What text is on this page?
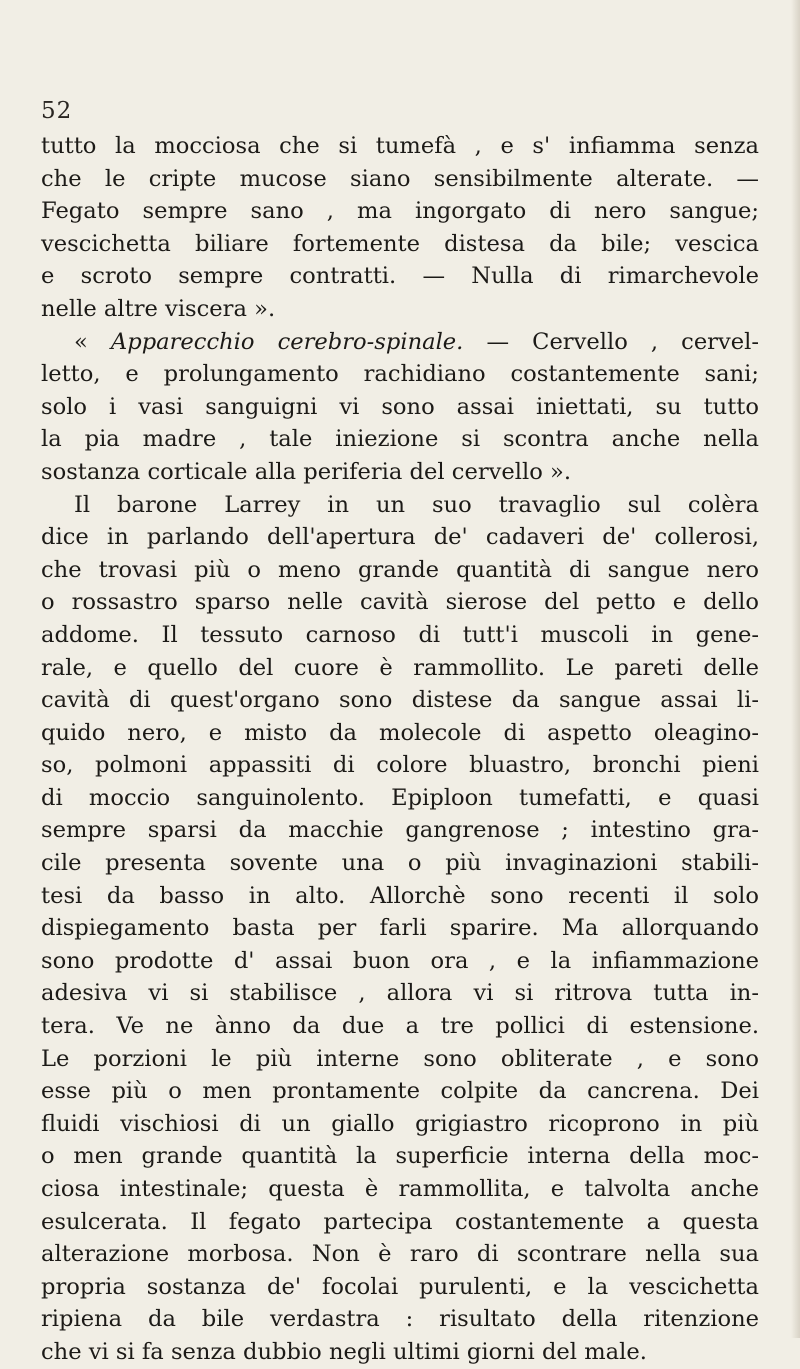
52
tutto la mocciosa che si tumefà , e s' infiamma senza
che le cripte mucose siano sensibilmente alterate. —
Fegato sempre sano , ma ingorgato di nero sangue;
vescichetta biliare fortemente distesa da bile; vescica
e scroto sempre contratti. — Nulla di rimarchevole
nelle altre viscera ».
« Apparecchio cerebro-spinale. — Cervello , cervel-
letto, e prolungamento rachidiano costantemente sani;
solo i vasi sanguigni vi sono assai iniettati, su tutto
la pia madre , tale iniezione si scontra anche nella
sostanza corticale alla periferia del cervello ».
Il barone Larrey in un suo travaglio sul colèra
dice in parlando dell'apertura de' cadaveri de' collerosi,
che trovasi più o meno grande quantità di sangue nero
o rossastro sparso nelle cavità sierose del petto e dello
addome. Il tessuto carnoso di tutt'i muscoli in gene-
rale, e quello del cuore è rammollito. Le pareti delle
cavità di quest'organo sono distese da sangue assai li-
quido nero, e misto da molecole di aspetto oleagino-
so, polmoni appassiti di colore bluastro, bronchi pieni
di moccio sanguinolento. Epiploon tumefatti, e quasi
sempre sparsi da macchie gangrenose ; intestino gra-
cile presenta sovente una o più invaginazioni stabili-
tesi da basso in alto. Allorchè sono recenti il solo
dispiegamento basta per farli sparire. Ma allorquando
sono prodotte d' assai buon ora , e la infiammazione
adesiva vi si stabilisce , allora vi si ritrova tutta in-
tera. Ve ne ànno da due a tre pollici di estensione.
Le porzioni le più interne sono obliterate , e sono
esse più o men prontamente colpite da cancrena. Dei
fluidi vischiosi di un giallo grigiastro ricoprono in più
o men grande quantità la superficie interna della moc-
ciosa intestinale; questa è rammollita, e talvolta anche
esulcerata. Il fegato partecipa costantemente a questa
alterazione morbosa. Non è raro di scontrare nella sua
propria sostanza de' focolai purulenti, e la vescichetta
ripiena da bile verdastra : risultato della ritenzione
che vi si fa senza dubbio negli ultimi giorni del male.
